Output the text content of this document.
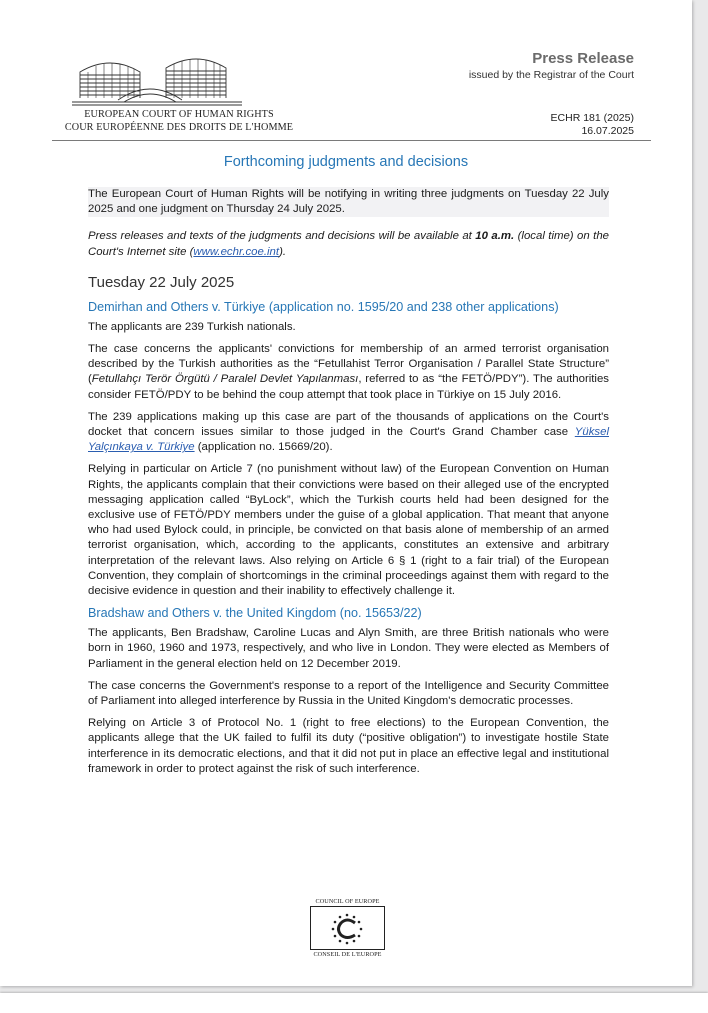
EUROPEAN COURT OF HUMAN RIGHTS
COUR EUROPÉENNE DES DROITS DE L'HOMME
Press Release
issued by the Registrar of the Court
ECHR 181 (2025)
16.07.2025
Forthcoming judgments and decisions

The European Court of Human Rights will be notifying in writing three judgments on Tuesday 22 July 2025 and one judgment on Thursday 24 July 2025.

Press releases and texts of the judgments and decisions will be available at 10 a.m. (local time) on the Court's Internet site (www.echr.coe.int).

Tuesday 22 July 2025
Demirhan and Others v. Türkiye (application no. 1595/20 and 238 other applications)

The applicants are 239 Turkish nationals.

The case concerns the applicants' convictions for membership of an armed terrorist organisation described by the Turkish authorities as the “Fetullahist Terror Organisation / Parallel State Structure” (Fetullahçı Terör Örgütü / Paralel Devlet Yapılanması, referred to as “the FETÖ/PDY”). The authorities consider FETÖ/PDY to be behind the coup attempt that took place in Türkiye on 15 July 2016.

The 239 applications making up this case are part of the thousands of applications on the Court's docket that concern issues similar to those judged in the Court's Grand Chamber case Yüksel Yalçınkaya v. Türkiye (application no. 15669/20).

Relying in particular on Article 7 (no punishment without law) of the European Convention on Human Rights, the applicants complain that their convictions were based on their alleged use of the encrypted messaging application called “ByLock”, which the Turkish courts held had been designed for the exclusive use of FETÖ/PDY members under the guise of a global application. That meant that anyone who had used Bylock could, in principle, be convicted on that basis alone of membership of an armed terrorist organisation, which, according to the applicants, constitutes an extensive and arbitrary interpretation of the relevant laws. Also relying on Article 6 § 1 (right to a fair trial) of the European Convention, they complain of shortcomings in the criminal proceedings against them with regard to the decisive evidence in question and their inability to effectively challenge it.

Bradshaw and Others v. the United Kingdom (no. 15653/22)

The applicants, Ben Bradshaw, Caroline Lucas and Alyn Smith, are three British nationals who were born in 1960, 1960 and 1973, respectively, and who live in London. They were elected as Members of Parliament in the general election held on 12 December 2019.

The case concerns the Government's response to a report of the Intelligence and Security Committee of Parliament into alleged interference by Russia in the United Kingdom's democratic processes.

Relying on Article 3 of Protocol No. 1 (right to free elections) to the European Convention, the applicants allege that the UK failed to fulfil its duty (“positive obligation”) to investigate hostile State interference in its democratic elections, and that it did not put in place an effective legal and institutional framework in order to protect against the risk of such interference.

COUNCIL OF EUROPE
CONSEIL DE L'EUROPE
